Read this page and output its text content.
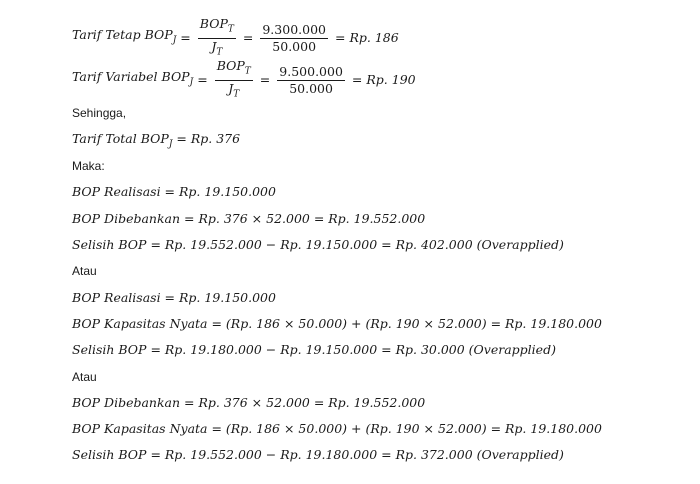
Tarif Tetap $BOP_J = \frac{BOP_T}{J_T} = \frac{9.300.000}{50.000} = Rp$. 186
Tarif Variabel $BOP_J = \frac{BOP_T}{J_T} = \frac{9.500.000}{50.000} = Rp$. 190
Sehingga,
Tarif Total $BOP_J = Rp$. 376
Maka:
BOP Realisasi = Rp. 19.150.000
BOP Dibebankan = Rp. 376 × 52.000 = Rp. 19.552.000
Selisih BOP = Rp. 19.552.000 − Rp. 19.150.000 = Rp. 402.000 (Overapplied)
Atau
BOP Realisasi = Rp. 19.150.000
BOP Kapasitas Nyata = (Rp. 186 × 50.000) + (Rp. 190 × 52.000) = Rp. 19.180.000
Selisih BOP = Rp. 19.180.000 − Rp. 19.150.000 = Rp. 30.000 (Overapplied)
Atau
BOP Dibebankan = Rp. 376 × 52.000 = Rp. 19.552.000
BOP Kapasitas Nyata = (Rp. 186 × 50.000) + (Rp. 190 × 52.000) = Rp. 19.180.000
Selisih BOP = Rp. 19.552.000 − Rp. 19.180.000 = Rp. 372.000 (Overapplied)
